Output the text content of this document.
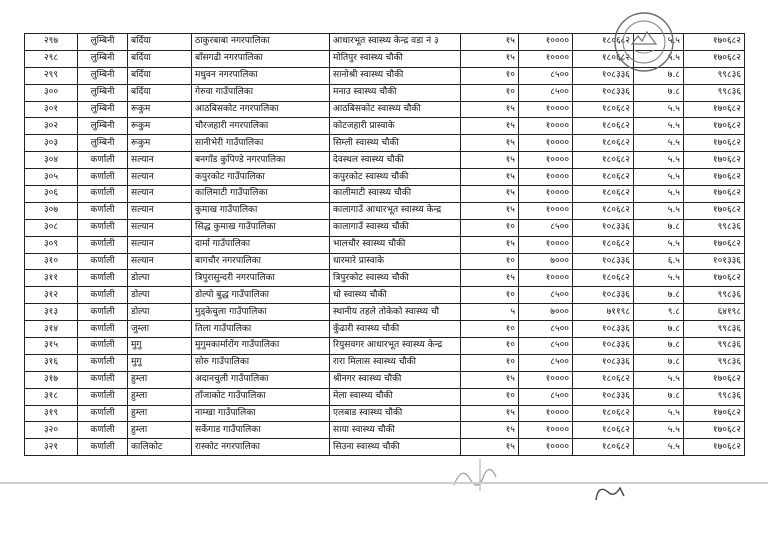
२९७	लुम्बिनी	बर्दिया	ठाकुरबाबा नगरपालिका	आधारभूत स्वास्थ्य केन्द्र वडा नं ३	१५	१००००	१८०६८२	५.५	१७०६८२
२९८	लुम्बिनी	बर्दिया	बाँसगढी नगरपालिका	मोतिपुर स्वास्थ्य चौकी	१५	१००००	१८०६८२	५.५	१७०६८२
२९९	लुम्बिनी	बर्दिया	मधुवन नगरपालिका	सानोश्री स्वास्थ्य चौकी	१०	८५००	१०८३३६	७.८	९९८३६
३००	लुम्बिनी	बर्दिया	गेरुवा गाउँपालिका	मनाउ स्वास्थ्य चौकी	१०	८५००	१०८३३६	७.८	९९८३६
३०१	लुम्बिनी	रूकुम	आठबिसकोट नगरपालिका	आठबिसकोट स्वास्थ्य चौकी	१५	१००००	१८०६८२	५.५	१७०६८२
३०२	लुम्बिनी	रूकुम	चौरजहारी नगरपालिका	कोटजहारी प्रास्वाके	१५	१००००	१८०६८२	५.५	१७०६८२
३०३	लुम्बिनी	रूकुम	सानीभेरी गाउँपालिका	सिम्ली स्वास्थ्य चौकी	१५	१००००	१८०६८२	५.५	१७०६८२
३०४	कर्णाली	सल्यान	बनगाँड कुपिण्डे नगरपालिका	देवस्थल स्वास्थ्य चौकी	१५	१००००	१८०६८२	५.५	१७०६८२
३०५	कर्णाली	सल्यान	कपुरकोट गाउँपालिका	कपुरकोट स्वास्थ्य चौकी	१५	१००००	१८०६८२	५.५	१७०६८२
३०६	कर्णाली	सल्यान	कालिमाटी गाउँपालिका	कालीमाटी स्वास्थ्य चौकी	१५	१००००	१८०६८२	५.५	१७०६८२
३०७	कर्णाली	सल्यान	कुमाख गाउँपालिका	कालागाउँ आधारभूत स्वास्थ्य केन्द्र	१५	१००००	१८०६८२	५.५	१७०६८२
३०८	कर्णाली	सल्यान	सिद्ध कुमाख गाउँपालिका	कालागाउँ स्वास्थ्य चौकी	१०	८५००	१०८३३६	७.८	९९८३६
३०९	कर्णाली	सल्यान	दार्मा गाउँपालिका	भालचौर स्वास्थ्य चौकी	१५	१००००	१८०६८२	५.५	१७०६८२
३१०	कर्णाली	सल्यान	बागचौर नगरपालिका	धारमारे प्रास्वाके	१०	७०००	१०८३३६	६.५	१०१३३६
३११	कर्णाली	डोल्पा	त्रिपुरासुन्दरी नगरपालिका	त्रिपुरकोट स्वास्थ्य चौकी	१५	१००००	१८०६८२	५.५	१७०६८२
३१२	कर्णाली	डोल्पा	डोल्पो बुद्ध गाउँपालिका	धो स्वास्थ्य चौकी	१०	८५००	१०८३३६	७.८	९९८३६
३१३	कर्णाली	डोल्पा	मुड्केचुला गाउँपालिका	स्थानीय तहले तोकेको स्वास्थ्य चौ	५	७०००	७११९८	९.८	६४१९८
३१४	कर्णाली	जुम्ला	तिला गाउँपालिका	कुँढारी स्वास्थ्य चौकी	१०	८५००	१०८३३६	७.८	९९८३६
३१५	कर्णाली	मुगु	मुगुमकार्मारोंग गाउँपालिका	रियुसवगर आधारभूत स्वास्थ्य केन्द्र	१०	८५००	१०८३३६	७.८	९९८३६
३१६	कर्णाली	मुगु	सोरु गाउँपालिका	रारा मिलास स्वास्थ्य चौकी	१०	८५००	१०८३३६	७.८	९९८३६
३१७	कर्णाली	हुम्ला	अदानचुली गाउँपालिका	श्रीनगर स्वास्थ्य चौकी	१५	१००००	१८०६८२	५.५	१७०६८२
३१८	कर्णाली	हुम्ला	ताँजाकोट गाउँपालिका	मेला स्वास्थ्य चौकी	१०	८५००	१०८३३६	७.८	९९८३६
३१९	कर्णाली	हुम्ला	नाम्खा गाउँपालिका	एलबाड स्वास्थ्य चौकी	१५	१००००	१८०६८२	५.५	१७०६८२
३२०	कर्णाली	हुम्ला	सर्केगाड गाउँपालिका	साया स्वास्थ्य चौकी	१५	१००००	१८०६८२	५.५	१७०६८२
३२१	कर्णाली	कालिकोट	रास्कोट नगरपालिका	सिउना स्वास्थ्य चौकी	१५	१००००	१८०६८२	५.५	१७०६८२
